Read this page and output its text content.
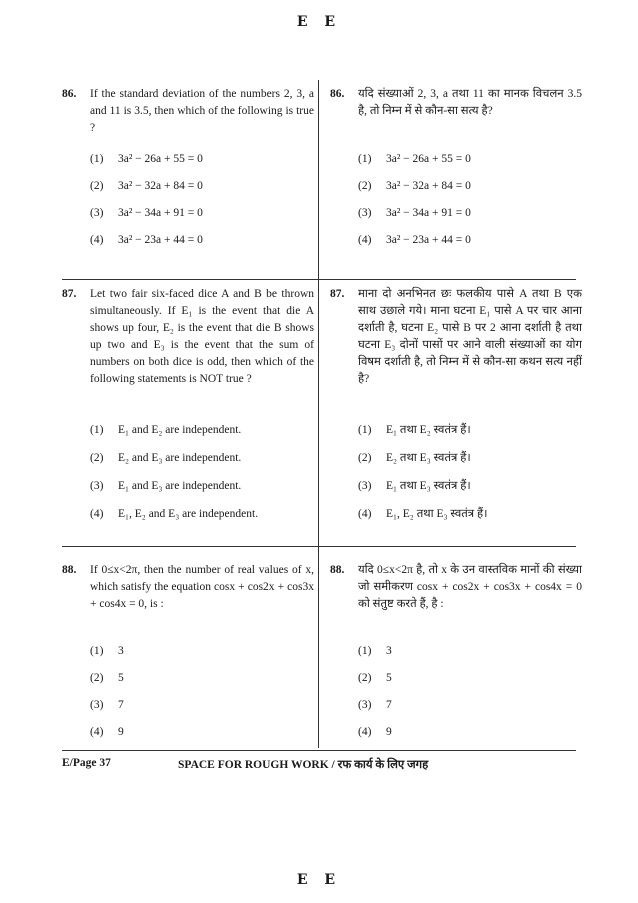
E E
86. If the standard deviation of the numbers 2, 3, a and 11 is 3.5, then which of the following is true ?
(1) 3a² − 26a + 55 = 0
(2) 3a² − 32a + 84 = 0
(3) 3a² − 34a + 91 = 0
(4) 3a² − 23a + 44 = 0
87. Let two fair six-faced dice A and B be thrown simultaneously. If E₁ is the event that die A shows up four, E₂ is the event that die B shows up two and E₃ is the event that the sum of numbers on both dice is odd, then which of the following statements is NOT true ?
(1) E₁ and E₂ are independent.
(2) E₂ and E₃ are independent.
(3) E₁ and E₃ are independent.
(4) E₁, E₂ and E₃ are independent.
88. If 0≤x<2π, then the number of real values of x, which satisfy the equation cosx + cos2x + cos3x + cos4x = 0, is :
(1) 3
(2) 5
(3) 7
(4) 9
86. यदि संख्याओं 2, 3, a तथा 11 का मानक विचलन 3.5 है, तो निम्न में से कौन-सा सत्य है?
(1) 3a² − 26a + 55 = 0
(2) 3a² − 32a + 84 = 0
(3) 3a² − 34a + 91 = 0
(4) 3a² − 23a + 44 = 0
87. माना दो अनभिनत छः फलकीय पासे A तथा B एक साथ उछाले गये। माना घटना E₁ पासे A पर चार आना दर्शाती है, घटना E₂ पासे B पर 2 आना दर्शाती है तथा घटना E₃ दोनों पासों पर आने वाली संख्याओं का योग विषम दर्शाती है, तो निम्न में से कौन-सा कथन सत्य नहीं है?
(1) E₁ तथा E₂ स्वतंत्र हैं।
(2) E₂ तथा E₃ स्वतंत्र हैं।
(3) E₁ तथा E₃ स्वतंत्र हैं।
(4) E₁, E₂ तथा E₃ स्वतंत्र हैं।
88. यदि 0≤x<2π है, तो x के उन वास्तविक मानों की संख्या जो समीकरण cosx + cos2x + cos3x + cos4x = 0 को संतुष्ट करते हैं, है :
(1) 3
(2) 5
(3) 7
(4) 9
E/Page 37	SPACE FOR ROUGH WORK / रफ कार्य के लिए जगह
E E
